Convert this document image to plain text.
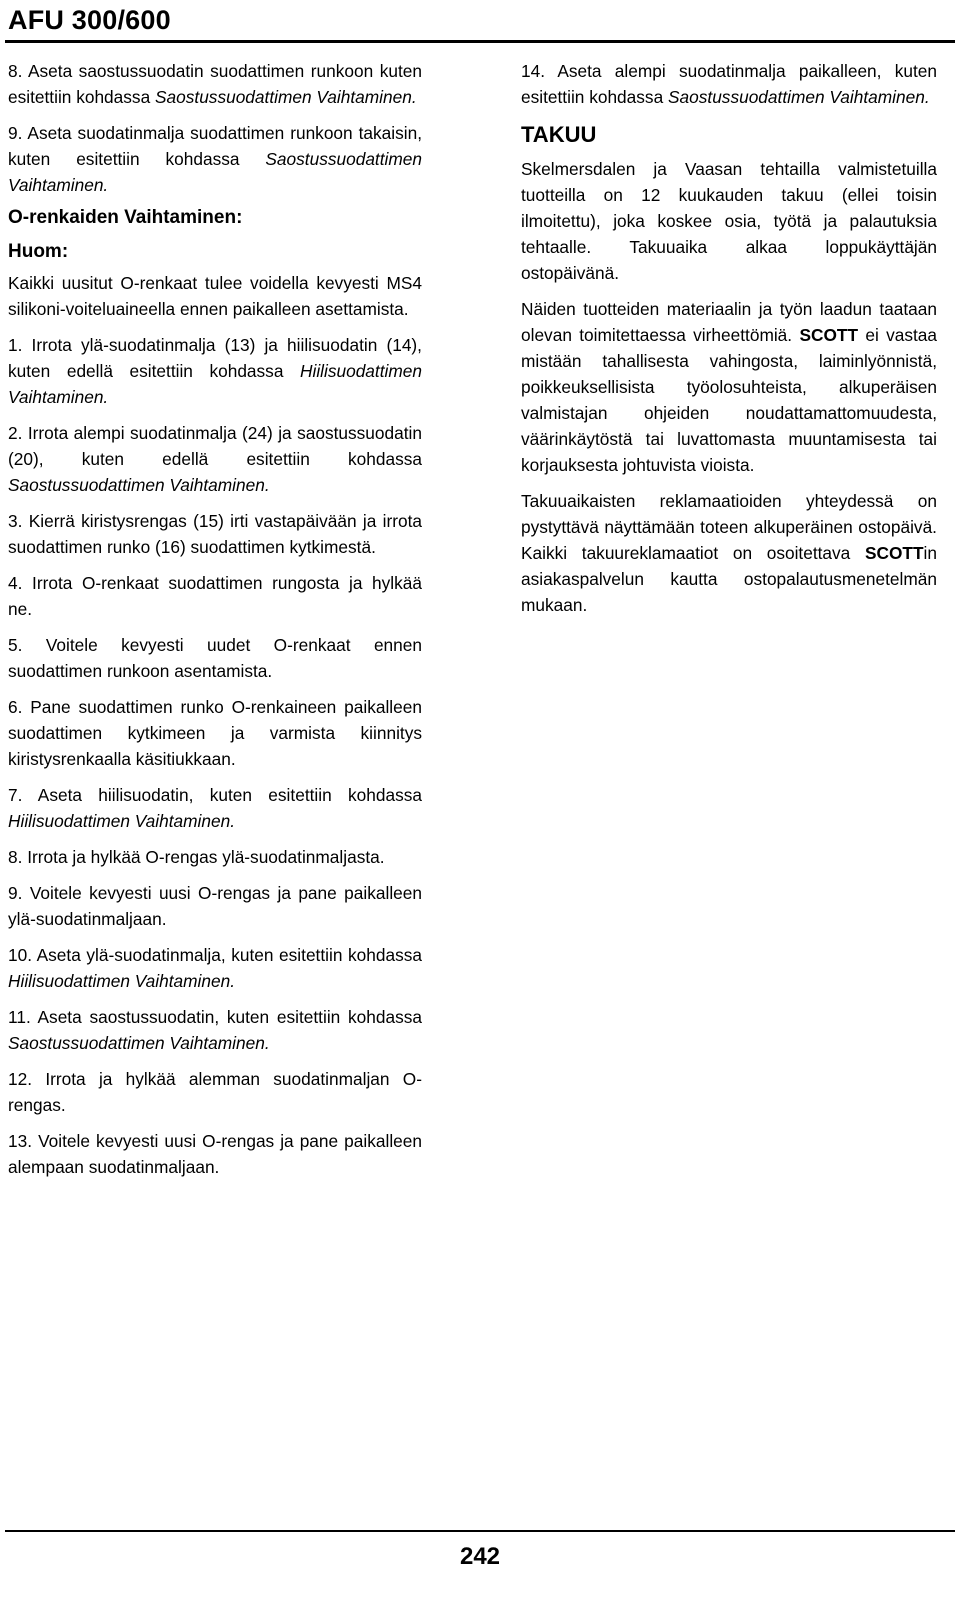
AFU 300/600

8. Aseta saostussuodatin suodattimen runkoon kuten esitettiin kohdassa Saostussuodattimen Vaihtaminen.

9. Aseta suodatinmalja suodattimen runkoon takaisin, kuten esitettiin kohdassa Saostussuodattimen Vaihtaminen.

O-renkaiden Vaihtaminen:
Huom:

Kaikki uusitut O-renkaat tulee voidella kevyesti MS4 silikoni-voiteluaineella ennen paikalleen asettamista.

1. Irrota ylä-suodatinmalja (13) ja hiilisuodatin (14), kuten edellä esitettiin kohdassa Hiilisuodattimen Vaihtaminen.

2. Irrota alempi suodatinmalja (24) ja saostussuodatin (20), kuten edellä esitettiin kohdassa Saostussuodattimen Vaihtaminen.

3. Kierrä kiristysrengas (15) irti vastapäivään ja irrota suodattimen runko (16) suodattimen kytkimestä.

4. Irrota O-renkaat suodattimen rungosta ja hylkää ne.

5. Voitele kevyesti uudet O-renkaat ennen suodattimen runkoon asentamista.

6. Pane suodattimen runko O-renkaineen paikalleen suodattimen kytkimeen ja varmista kiinnitys kiristysrenkaalla käsitiukkaan.

7. Aseta hiilisuodatin, kuten esitettiin kohdassa Hiilisuodattimen Vaihtaminen.

8. Irrota ja hylkää O-rengas ylä-suodatinmaljasta.

9. Voitele kevyesti uusi O-rengas ja pane paikalleen ylä-suodatinmaljaan.

10. Aseta ylä-suodatinmalja, kuten esitettiin kohdassa Hiilisuodattimen Vaihtaminen.

11. Aseta saostussuodatin, kuten esitettiin kohdassa Saostussuodattimen Vaihtaminen.

12. Irrota ja hylkää alemman suodatinmaljan O-rengas.

13. Voitele kevyesti uusi O-rengas ja pane paikalleen alempaan suodatinmaljaan.

14. Aseta alempi suodatinmalja paikalleen, kuten esitettiin kohdassa Saostussuodattimen Vaihtaminen.

TAKUU

Skelmersdalen ja Vaasan tehtailla valmistetuilla tuotteilla on 12 kuukauden takuu (ellei toisin ilmoitettu), joka koskee osia, työtä ja palautuksia tehtaalle. Takuuaika alkaa loppukäyttäjän ostopäivänä.

Näiden tuotteiden materiaalin ja työn laadun taataan olevan toimitettaessa virheettömiä. SCOTT ei vastaa mistään tahallisesta vahingosta, laiminlyönnistä, poikkeuksellisista työolosuhteista, alkuperäisen valmistajan ohjeiden noudattamattomuudesta, väärinkäytöstä tai luvattomasta muuntamisesta tai korjauksesta johtuvista vioista.

Takuuaikaisten reklamaatioiden yhteydessä on pystyttävä näyttämään toteen alkuperäinen ostopäivä. Kaikki takuureklamaatiot on osoitettava SCOTTin asiakaspalvelun kautta ostopalautusmenetelmän mukaan.

242
